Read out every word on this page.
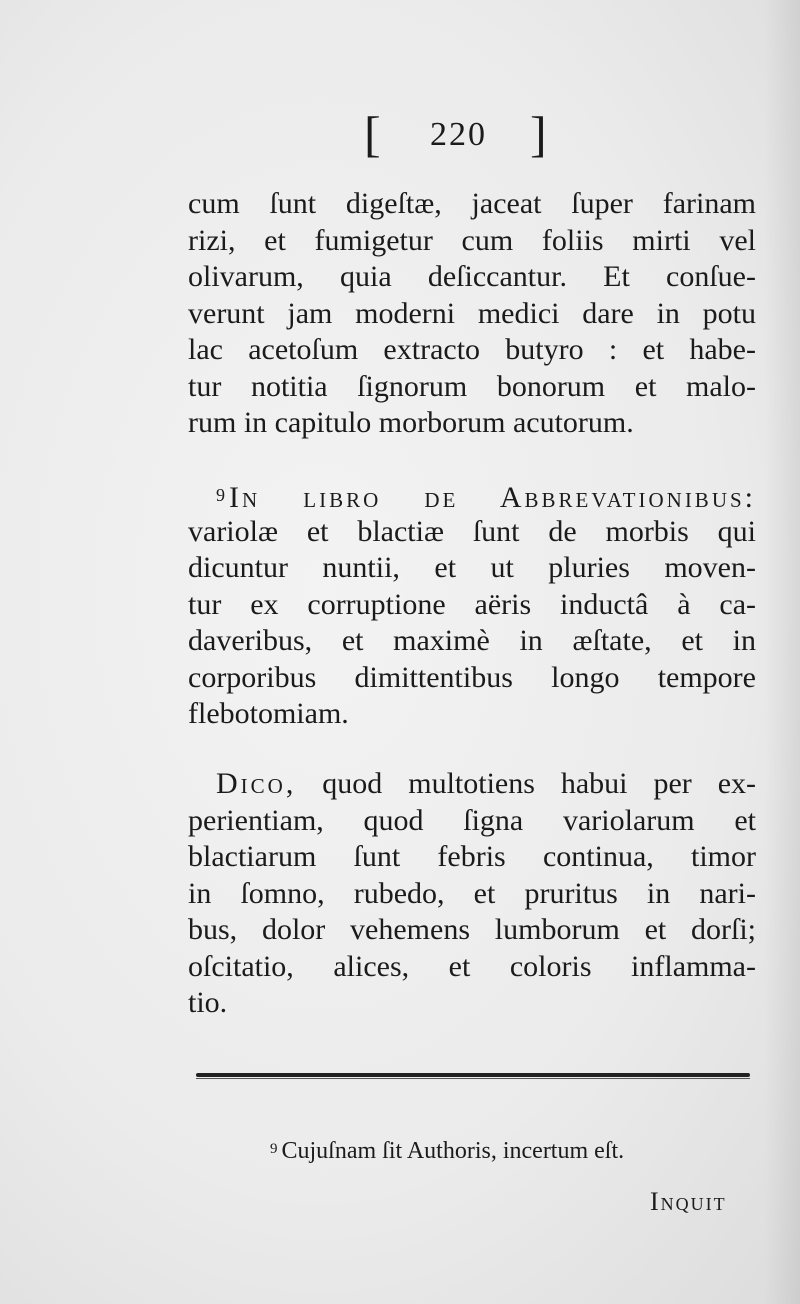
[ 220 ]
cum ſunt digeſtæ, jaceat ſuper farinam
rizi, et fumigetur cum foliis mirti vel
olivarum, quia deſiccantur. Et conſue-
verunt jam moderni medici dare in potu
lac acetoſum extracto butyro : et habe-
tur notitia ſignorum bonorum et malo-
rum in capitulo morborum acutorum.
$^9$ In libro de Abbrevationibus:
variolæ et blactiæ ſunt de morbis qui
dicuntur nuntii, et ut pluries moven-
tur ex corruptione aëris inductâ à ca-
daveribus, et maximè in æſtate, et in
corporibus dimittentibus longo tempore
flebotomiam.
Dico, quod multotiens habui per ex-
perientiam, quod ſigna variolarum et
blactiarum ſunt febris continua, timor
in ſomno, rubedo, et pruritus in nari-
bus, dolor vehemens lumborum et dorſi;
oſcitatio, alices, et coloris inflamma-
tio.
$^9$ Cujuſnam ſit Authoris, incertum eſt.
Inquit
